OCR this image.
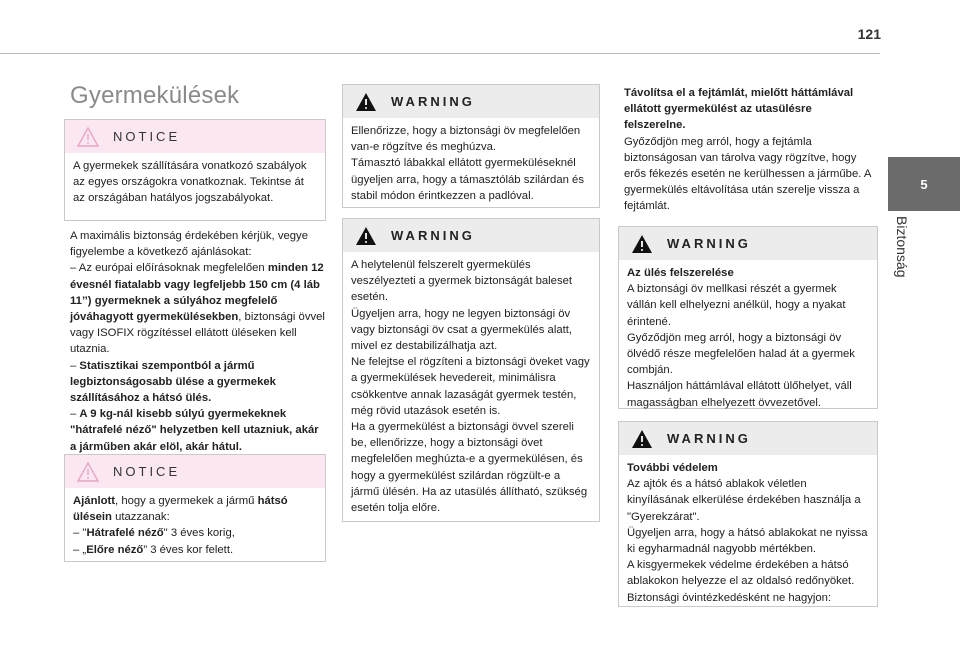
121
5
Biztonság
Gyermekülések
NOTICE
A gyermekek szállítására vonatkozó szabályok az egyes országokra vonatkoznak. Tekintse át az országában hatályos jogszabályokat.

A maximális biztonság érdekében kérjük, vegye figyelembe a következő ajánlásokat:

– Az európai előírásoknak megfelelően minden 12 évesnél fiatalabb vagy legfeljebb 150 cm (4 láb 11’’) gyermeknek a súlyához megfelelő jóváhagyott gyermekülésekben, biztonsági övvel vagy ISOFIX rögzítéssel ellátott üléseken kell utaznia.

– Statisztikai szempontból a jármű legbiztonságosabb ülése a gyermekek szállításához a hátsó ülés.

– A 9 kg-nál kisebb súlyú gyermekeknek "hátrafelé néző" helyzetben kell utazniuk, akár a járműben akár elöl, akár hátul.

NOTICE
Ajánlott, hogy a gyermekek a jármű hátsó ülésein utazzanak:
– "Hátrafelé néző" 3 éves korig,
– „Előre néző” 3 éves kor felett.
WARNING
Ellenőrizze, hogy a biztonsági öv megfelelően van-e rögzítve és meghúzva.
Támasztó lábakkal ellátott gyermeküléseknél ügyeljen arra, hogy a támasztóláb szilárdan és stabil módon érintkezzen a padlóval.
WARNING
A helytelenül felszerelt gyermekülés veszélyezteti a gyermek biztonságát baleset esetén.
Ügyeljen arra, hogy ne legyen biztonsági öv vagy biztonsági öv csat a gyermekülés alatt, mivel ez destabilizálhatja azt.
Ne felejtse el rögzíteni a biztonsági öveket vagy a gyermekülések hevedereit, minimálisra csökkentve annak lazaságát gyermek testén, még rövid utazások esetén is.
Ha a gyermekülést a biztonsági övvel szereli be, ellenőrizze, hogy a biztonsági övet megfelelően meghúzta-e a gyermekülésen, és hogy a gyermekülést szilárdan rögzült-e a jármű ülésén. Ha az utasülés állítható, szükség esetén tolja előre.

Távolítsa el a fejtámlát, mielőtt háttámlával ellátott gyermekülést az utasülésre felszerelne.

Győződjön meg arról, hogy a fejtámla biztonságosan van tárolva vagy rögzítve, hogy erős fékezés esetén ne kerülhessen a járműbe. A gyermekülés eltávolítása után szerelje vissza a fejtámlát.

WARNING
Az ülés felszerelése
A biztonsági öv mellkasi részét a gyermek vállán kell elhelyezni anélkül, hogy a nyakat érintené.
Győződjön meg arról, hogy a biztonsági öv ölvédő része megfelelően halad át a gyermek combján.
Használjon háttámlával ellátott ülőhelyet, váll magasságban elhelyezett övvezetővel.
WARNING
További védelem
Az ajtók és a hátsó ablakok véletlen kinyílásának elkerülése érdekében használja a "Gyerekzárat".
Ügyeljen arra, hogy a hátsó ablakokat ne nyissa ki egyharmadnál nagyobb mértékben.
A kisgyermekek védelme érdekében a hátsó ablakokon helyezze el az oldalsó redőnyöket.
Biztonsági óvintézkedésként ne hagyjon:
